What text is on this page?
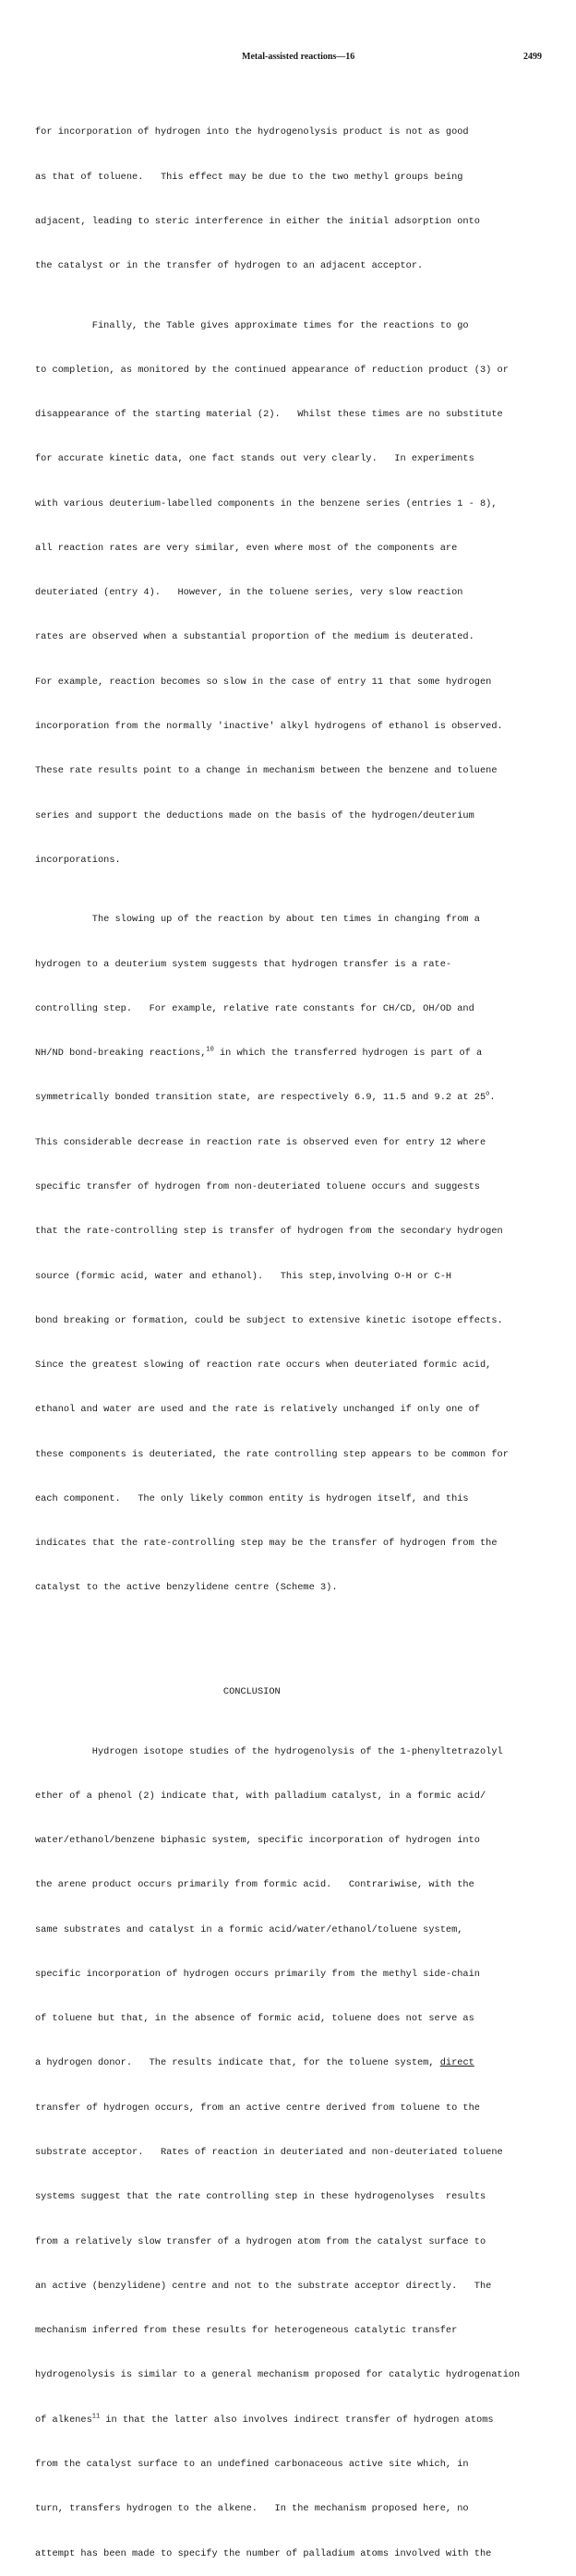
Metal-assisted reactions—16	2499

for incorporation of hydrogen into the hydrogenolysis product is not as good

as that of toluene.   This effect may be due to the two methyl groups being

adjacent, leading to steric interference in either the initial adsorption onto

the catalyst or in the transfer of hydrogen to an adjacent acceptor.

Finally, the Table gives approximate times for the reactions to go

to completion, as monitored by the continued appearance of reduction product (3) or

disappearance of the starting material (2).   Whilst these times are no substitute

for accurate kinetic data, one fact stands out very clearly.   In experiments

with various deuterium-labelled components in the benzene series (entries 1 - 8),

all reaction rates are very similar, even where most of the components are

deuteriated (entry 4).   However, in the toluene series, very slow reaction

rates are observed when a substantial proportion of the medium is deuterated.

For example, reaction becomes so slow in the case of entry 11 that some hydrogen

incorporation from the normally 'inactive' alkyl hydrogens of ethanol is observed.

These rate results point to a change in mechanism between the benzene and toluene

series and support the deductions made on the basis of the hydrogen/deuterium

incorporations.

The slowing up of the reaction by about ten times in changing from a

hydrogen to a deuterium system suggests that hydrogen transfer is a rate-

controlling step.   For example, relative rate constants for CH/CD, OH/OD and

NH/ND bond-breaking reactions,$^{10}$ in which the transferred hydrogen is part of a

symmetrically bonded transition state, are respectively 6.9, 11.5 and 9.2 at 25$^o$.

This considerable decrease in reaction rate is observed even for entry 12 where

specific transfer of hydrogen from non-deuteriated toluene occurs and suggests

that the rate-controlling step is transfer of hydrogen from the secondary hydrogen

source (formic acid, water and ethanol).   This step,involving O-H or C-H

bond breaking or formation, could be subject to extensive kinetic isotope effects.

Since the greatest slowing of reaction rate occurs when deuteriated formic acid,

ethanol and water are used and the rate is relatively unchanged if only one of

these components is deuteriated, the rate controlling step appears to be common for

each component.   The only likely common entity is hydrogen itself, and this

indicates that the rate-controlling step may be the transfer of hydrogen from the

catalyst to the active benzylidene centre (Scheme 3).

CONCLUSION

Hydrogen isotope studies of the hydrogenolysis of the 1-phenyltetrazolyl

ether of a phenol (2) indicate that, with palladium catalyst, in a formic acid/

water/ethanol/benzene biphasic system, specific incorporation of hydrogen into

the arene product occurs primarily from formic acid.   Contrariwise, with the

same substrates and catalyst in a formic acid/water/ethanol/toluene system,

specific incorporation of hydrogen occurs primarily from the methyl side-chain

of toluene but that, in the absence of formic acid, toluene does not serve as

a hydrogen donor.   The results indicate that, for the toluene system, direct

transfer of hydrogen occurs, from an active centre derived from toluene to the

substrate acceptor.   Rates of reaction in deuteriated and non-deuteriated toluene

systems suggest that the rate controlling step in these hydrogenolyses  results

from a relatively slow transfer of a hydrogen atom from the catalyst surface to

an active (benzylidene) centre and not to the substrate acceptor directly.   The

mechanism inferred from these results for heterogeneous catalytic transfer

hydrogenolysis is similar to a general mechanism proposed for catalytic hydrogenation

of alkenes$^{11}$ in that the latter also involves indirect transfer of hydrogen atoms

from the catalyst surface to an undefined carbonaceous active site which, in

turn, transfers hydrogen to the alkene.   In the mechanism proposed here, no

attempt has been made to specify the number of palladium atoms involved with the
